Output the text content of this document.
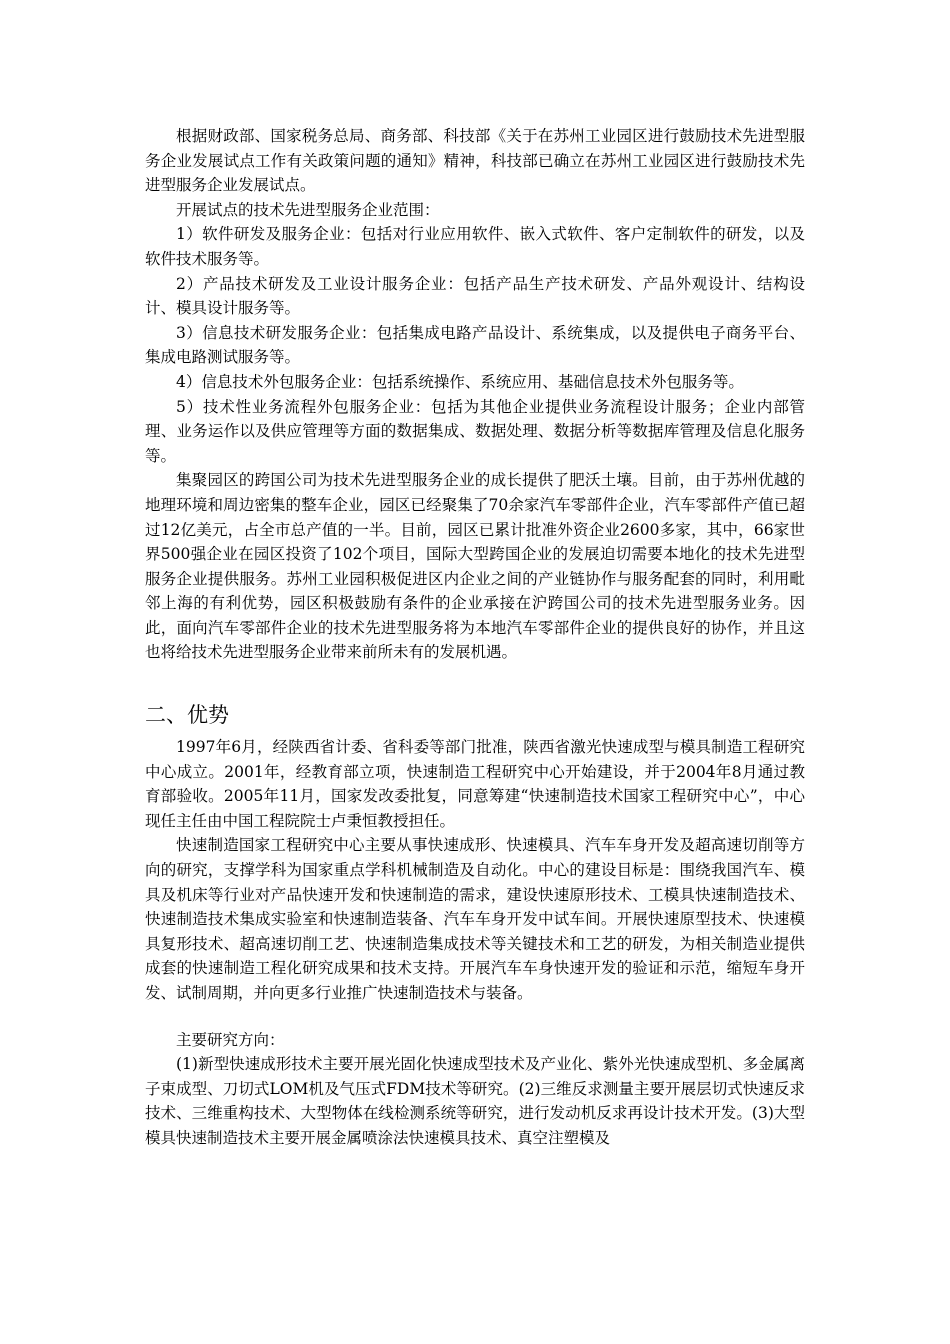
根据财政部、国家税务总局、商务部、科技部《关于在苏州工业园区进行鼓励技术先进型服务企业发展试点工作有关政策问题的通知》精神，科技部已确立在苏州工业园区进行鼓励技术先进型服务企业发展试点。

开展试点的技术先进型服务企业范围：

1）软件研发及服务企业：包括对行业应用软件、嵌入式软件、客户定制软件的研发，以及软件技术服务等。

2）产品技术研发及工业设计服务企业：包括产品生产技术研发、产品外观设计、结构设计、模具设计服务等。

3）信息技术研发服务企业：包括集成电路产品设计、系统集成，以及提供电子商务平台、集成电路测试服务等。

4）信息技术外包服务企业：包括系统操作、系统应用、基础信息技术外包服务等。

5）技术性业务流程外包服务企业：包括为其他企业提供业务流程设计服务；企业内部管理、业务运作以及供应管理等方面的数据集成、数据处理、数据分析等数据库管理及信息化服务等。

集聚园区的跨国公司为技术先进型服务企业的成长提供了肥沃土壤。目前，由于苏州优越的地理环境和周边密集的整车企业，园区已经聚集了70余家汽车零部件企业，汽车零部件产值已超过12亿美元，占全市总产值的一半。目前，园区已累计批准外资企业2600多家，其中，66家世界500强企业在园区投资了102个项目，国际大型跨国企业的发展迫切需要本地化的技术先进型服务企业提供服务。苏州工业园积极促进区内企业之间的产业链协作与服务配套的同时，利用毗邻上海的有利优势，园区积极鼓励有条件的企业承接在沪跨国公司的技术先进型服务业务。因此，面向汽车零部件企业的技术先进型服务将为本地汽车零部件企业的提供良好的协作，并且这也将给技术先进型服务企业带来前所未有的发展机遇。

二、优势

1997年6月，经陕西省计委、省科委等部门批准，陕西省激光快速成型与模具制造工程研究中心成立。2001年，经教育部立项，快速制造工程研究中心开始建设，并于2004年8月通过教育部验收。2005年11月，国家发改委批复，同意筹建“快速制造技术国家工程研究中心”，中心现任主任由中国工程院院士卢秉恒教授担任。

快速制造国家工程研究中心主要从事快速成形、快速模具、汽车车身开发及超高速切削等方向的研究，支撑学科为国家重点学科机械制造及自动化。中心的建设目标是：围绕我国汽车、模具及机床等行业对产品快速开发和快速制造的需求，建设快速原形技术、工模具快速制造技术、快速制造技术集成实验室和快速制造装备、汽车车身开发中试车间。开展快速原型技术、快速模具复形技术、超高速切削工艺、快速制造集成技术等关键技术和工艺的研发，为相关制造业提供成套的快速制造工程化研究成果和技术支持。开展汽车车身快速开发的验证和示范，缩短车身开发、试制周期，并向更多行业推广快速制造技术与装备。

主要研究方向：

(1)新型快速成形技术主要开展光固化快速成型技术及产业化、紫外光快速成型机、多金属离子束成型、刀切式LOM机及气压式FDM技术等研究。(2)三维反求测量主要开展层切式快速反求技术、三维重构技术、大型物体在线检测系统等研究，进行发动机反求再设计技术开发。(3)大型模具快速制造技术主要开展金属喷涂法快速模具技术、真空注塑模及
